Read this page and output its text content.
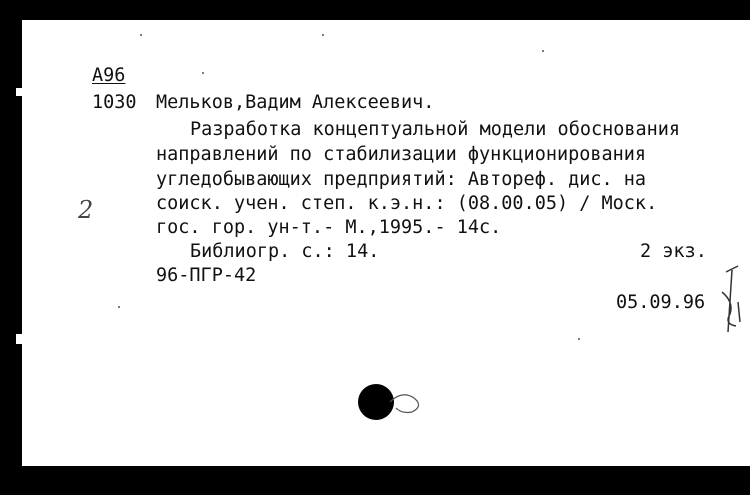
А96
1030 Мельков,Вадим Алексеевич.
Разработка концептуальной модели обоснования
направлений по стабилизации функционирования
угледобывающих предприятий: Автореф. дис. на
соиск. учен. степ. к.э.н.: (08.00.05) / Моск.
гос. гор. ун-т.- М.,1995.- 14с.
Библиогр. с.: 14.	2 экз.
96-ПГР-42
05.09.96
2
